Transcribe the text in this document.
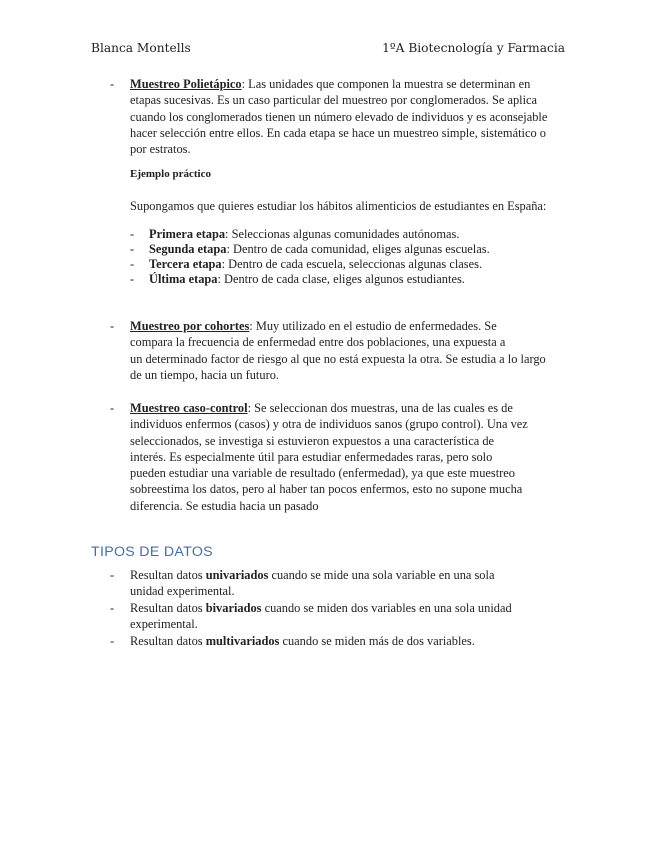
Blanca Montells	1ºA Biotecnología y Farmacia
-	Muestreo Polietápico: Las unidades que componen la muestra se determinan en
etapas sucesivas. Es un caso particular del muestreo por conglomerados. Se aplica
cuando los conglomerados tienen un número elevado de individuos y es aconsejable
hacer selección entre ellos. En cada etapa se hace un muestreo simple, sistemático o
por estratos.
Ejemplo práctico
Supongamos que quieres estudiar los hábitos alimenticios de estudiantes en España:
- Primera etapa: Seleccionas algunas comunidades autónomas.
- Segunda etapa: Dentro de cada comunidad, eliges algunas escuelas.
- Tercera etapa: Dentro de cada escuela, seleccionas algunas clases.
- Última etapa: Dentro de cada clase, eliges algunos estudiantes.
-	Muestreo por cohortes: Muy utilizado en el estudio de enfermedades. Se
compara la frecuencia de enfermedad entre dos poblaciones, una expuesta a
un determinado factor de riesgo al que no está expuesta la otra. Se estudia a lo largo
de un tiempo, hacia un futuro.
-	Muestreo caso-control: Se seleccionan dos muestras, una de las cuales es de
individuos enfermos (casos) y otra de individuos sanos (grupo control). Una vez
seleccionados, se investiga si estuvieron expuestos a una característica de
interés. Es especialmente útil para estudiar enfermedades raras, pero solo
pueden estudiar una variable de resultado (enfermedad), ya que este muestreo
sobreestima los datos, pero al haber tan pocos enfermos, esto no supone mucha
diferencia. Se estudia hacia un pasado
TIPOS DE DATOS
-	Resultan datos univariados cuando se mide una sola variable en una sola
unidad experimental.
-	Resultan datos bivariados cuando se miden dos variables en una sola unidad
experimental.
-	Resultan datos multivariados cuando se miden más de dos variables.
